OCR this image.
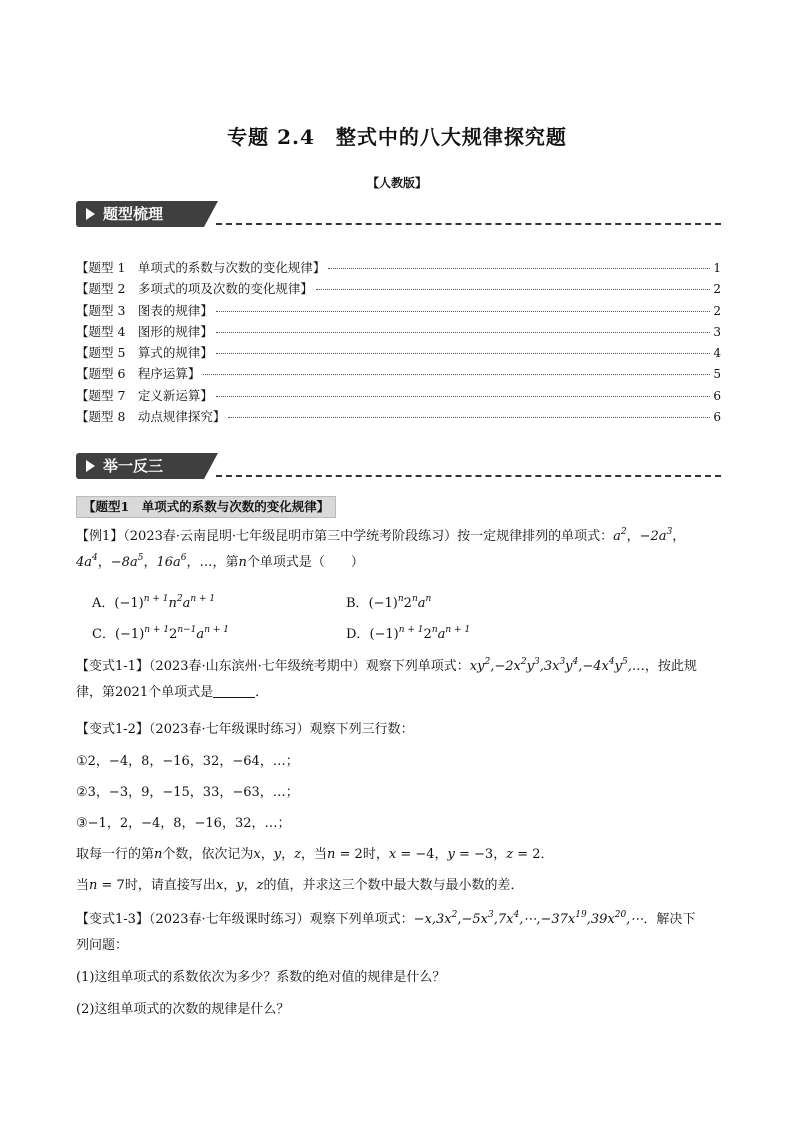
专题 2.4　整式中的八大规律探究题
【人教版】
题型梳理
【题型 1　单项式的系数与次数的变化规律】	1
【题型 2　多项式的项及次数的变化规律】	2
【题型 3　图表的规律】	2
【题型 4　图形的规律】	3
【题型 5　算式的规律】	4
【题型 6　程序运算】	5
【题型 7　定义新运算】	6
【题型 8　动点规律探究】	6
举一反三
【题型1　单项式的系数与次数的变化规律】
【例1】（2023春·云南昆明·七年级昆明市第三中学统考阶段练习）按一定规律排列的单项式：$a^2$，$-2a^3$，
$4a^4$，$-8a^5$，$16a^6$，…，第n个单项式是（　　）
A．$(-1)^{n + 1}n^2a^{n + 1}$	B．$(-1)^n2^na^n$
C．$(-1)^{n + 1}2^{n-1}a^{n + 1}$	D．$(-1)^{n + 1}2^na^{n + 1}$
【变式1-1】（2023春·山东滨州·七年级统考期中）观察下列单项式：$xy^2,-2x^2y^3,3x^3y^4,-4x^4y^5,\dots$，按此规
律，第2021个单项式是	．
【变式1-2】（2023春·七年级课时练习）观察下列三行数：
①2，−4，8，−16，32，−64，…；
②3，−3，9，−15，33，−63，…；
③−1，2，−4，8，−16，32，…；
取每一行的第n个数，依次记为x，y，z，当n = 2时，x = −4，y = −3，z = 2．
当n = 7时，请直接写出x，y，z的值，并求这三个数中最大数与最小数的差．
【变式1-3】（2023春·七年级课时练习）观察下列单项式：$-x,3x^2,-5x^3,7x^4,\cdots,-37x^{19},39x^{20},\cdots$．解决下
列问题：
(1)这组单项式的系数依次为多少？系数的绝对值的规律是什么？
(2)这组单项式的次数的规律是什么？
